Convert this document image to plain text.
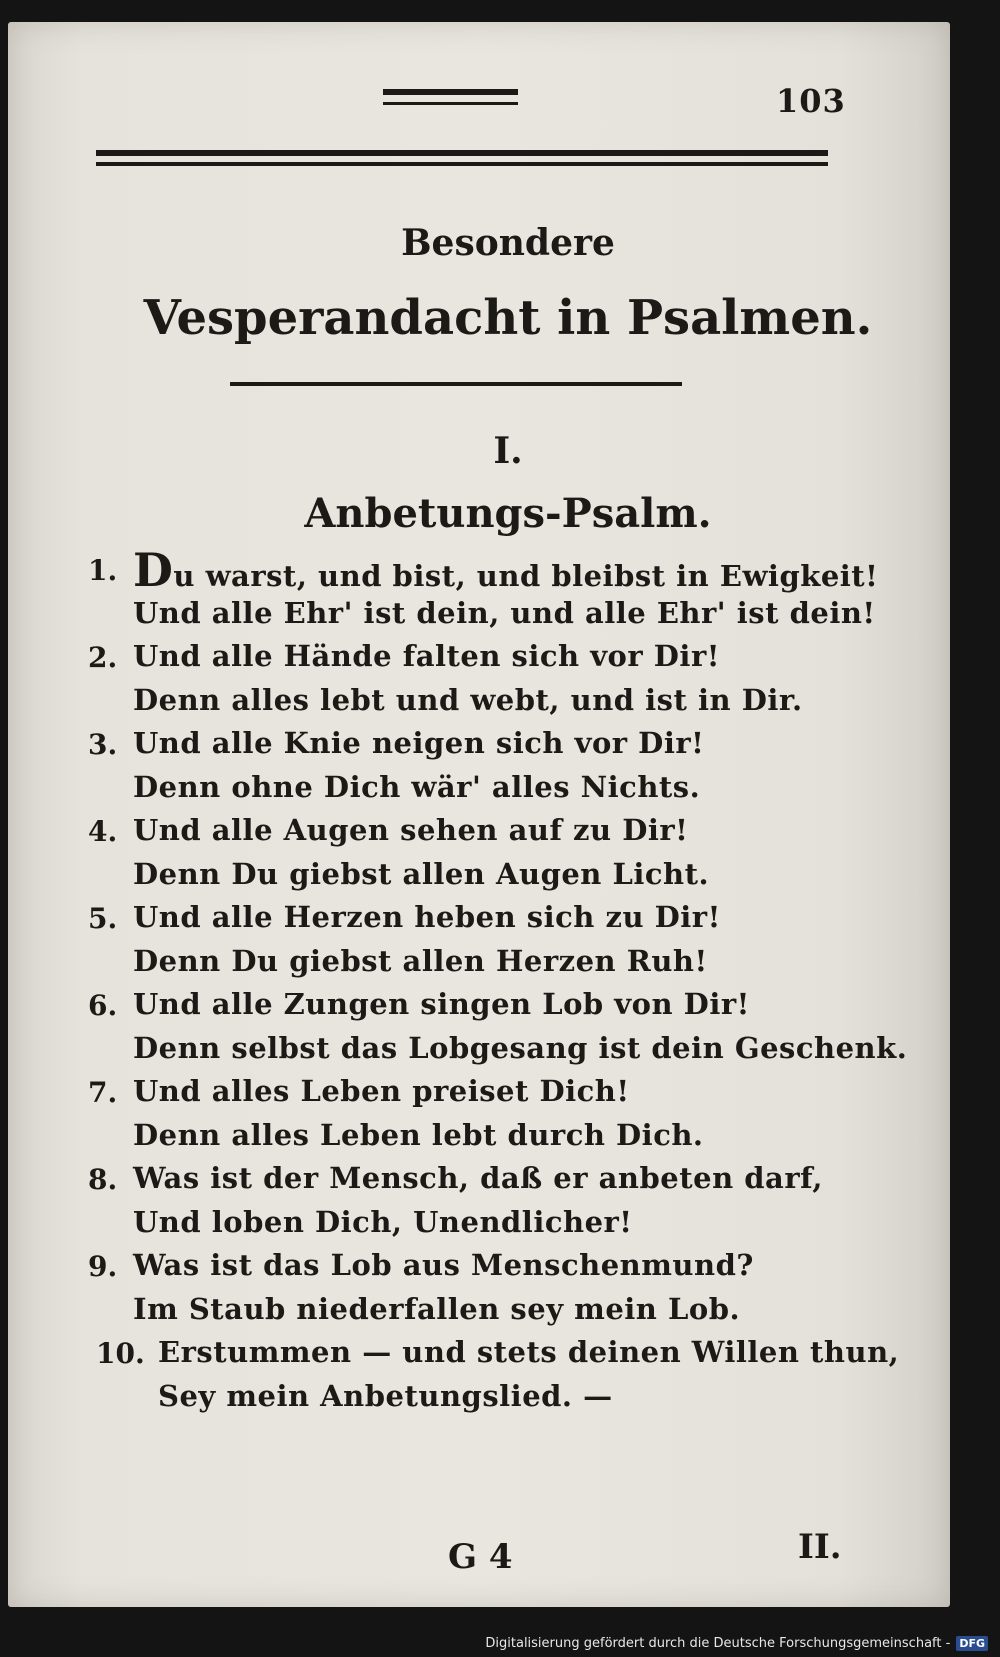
103
Besondere
Vesperandacht in Psalmen.
I.
Anbetungs-Psalm.
1. Du warst, und bist, und bleibst in Ewigkeit!
Und alle Ehr' ist dein, und alle Ehr' ist dein!
2. Und alle Hände falten sich vor Dir!
Denn alles lebt und webt, und ist in Dir.
3. Und alle Knie neigen sich vor Dir!
Denn ohne Dich wär' alles Nichts.
4. Und alle Augen sehen auf zu Dir!
Denn Du giebst allen Augen Licht.
5. Und alle Herzen heben sich zu Dir!
Denn Du giebst allen Herzen Ruh!
6. Und alle Zungen singen Lob von Dir!
Denn selbst das Lobgesang ist dein Geschenk.
7. Und alles Leben preiset Dich!
Denn alles Leben lebt durch Dich.
8. Was ist der Mensch, daß er anbeten darf,
Und loben Dich, Unendlicher!
9. Was ist das Lob aus Menschenmund?
Im Staub niederfallen sey mein Lob.
10. Erstummen — und stets deinen Willen thun,
Sey mein Anbetungslied. —
G 4	II.
Digitalisierung gefördert durch die Deutsche Forschungsgemeinschaft - DFG
